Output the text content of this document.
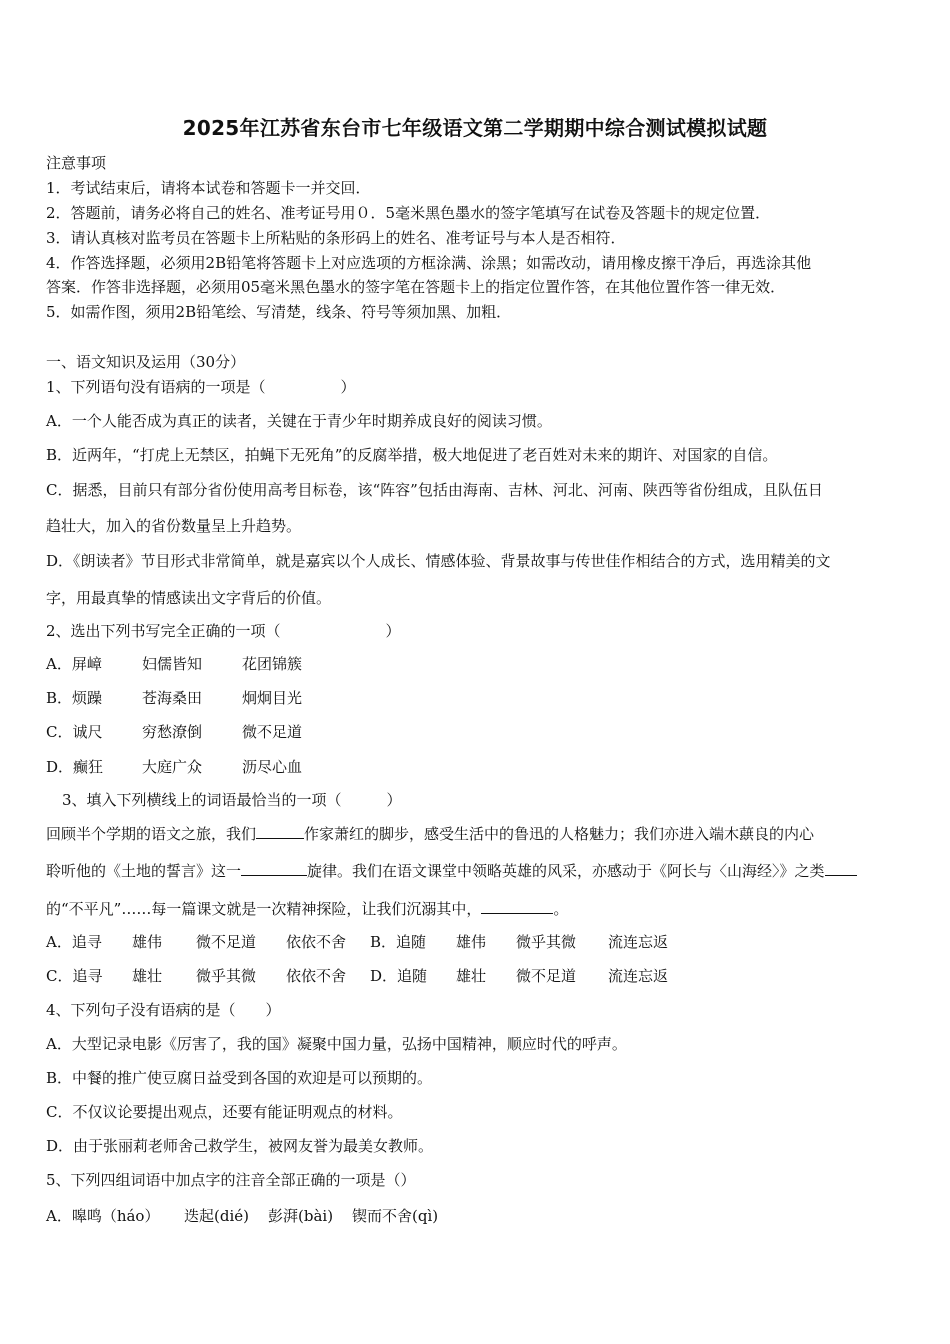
2025年江苏省东台市七年级语文第二学期期中综合测试模拟试题
注意事项
1．考试结束后，请将本试卷和答题卡一并交回．
2．答题前，请务必将自己的姓名、准考证号用０．5毫米黑色墨水的签字笔填写在试卷及答题卡的规定位置．
3．请认真核对监考员在答题卡上所粘贴的条形码上的姓名、准考证号与本人是否相符．
4．作答选择题，必须用2B铅笔将答题卡上对应选项的方框涂满、涂黑；如需改动，请用橡皮擦干净后，再选涂其他
答案．作答非选择题，必须用05毫米黑色墨水的签字笔在答题卡上的指定位置作答，在其他位置作答一律无效．
5．如需作图，须用2B铅笔绘、写清楚，线条、符号等须加黑、加粗．
一、语文知识及运用（30分）
1、下列语句没有语病的一项是（　　　　　）
A．一个人能否成为真正的读者，关键在于青少年时期养成良好的阅读习惯。
B．近两年，“打虎上无禁区，拍蝇下无死角”的反腐举措，极大地促进了老百姓对未来的期许、对国家的自信。
C．据悉，目前只有部分省份使用高考目标卷，该“阵容”包括由海南、吉林、河北、河南、陕西等省份组成，且队伍日
趋壮大，加入的省份数量呈上升趋势。
D．《朗读者》节目形式非常简单，就是嘉宾以个人成长、情感体验、背景故事与传世佳作相结合的方式，选用精美的文
字，用最真挚的情感读出文字背后的价值。
2、选出下列书写完全正确的一项（　　　　　　　）
A．屏嶂	妇儒皆知	花团锦簇
B．烦躁	苍海桑田	炯炯目光
C．诚尺	穷愁潦倒	微不足道
D．癫狂	大庭广众	沥尽心血
3、填入下列横线上的词语最恰当的一项（　　　）
回顾半个学期的语文之旅，我们	作家萧红的脚步，感受生活中的鲁迅的人格魅力；我们亦进入端木蕻良的内心
聆听他的《土地的誓言》这一	旋律。我们在语文课堂中领略英雄的风采，亦感动于《阿长与〈山海经〉》之类
的“不平凡”……每一篇课文就是一次精神探险，让我们沉溺其中，	。
A．追寻 雄伟 微不足道 依依不舍 B．追随 雄伟 微乎其微 流连忘返
C．追寻 雄壮 微乎其微 依依不舍 D．追随 雄壮 微不足道 流连忘返
4、下列句子没有语病的是（　　）
A．大型记录电影《厉害了，我的国》凝聚中国力量，弘扬中国精神，顺应时代的呼声。
B．中餐的推广使豆腐日益受到各国的欢迎是可以预期的。
C．不仅议论要提出观点，还要有能证明观点的材料。
D．由于张丽莉老师舍己救学生，被网友誉为最美女教师。
5、下列四组词语中加点字的注音全部正确的一项是（）
A．嗥鸣（háo） 迭起(dié) 彭湃(bài) 锲而不舍(qì)
